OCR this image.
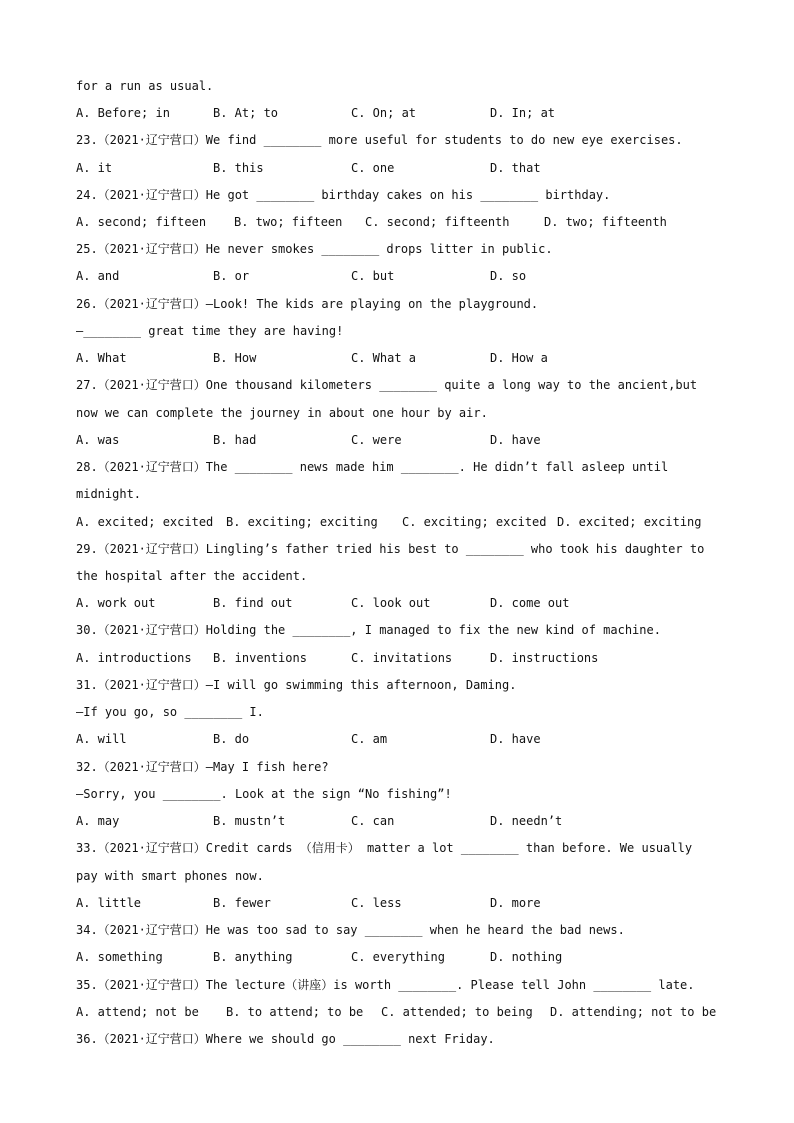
for a run as usual.
A. Before; in	B. At; to	C. On; at	D. In; at
23.（2021·辽宁营口）We find ________ more useful for students to do new eye exercises.
A. it	B. this	C. one	D. that
24.（2021·辽宁营口）He got ________ birthday cakes on his ________ birthday.
A. second; fifteen B. two; fifteen C. second; fifteenth	D. two; fifteenth
25.（2021·辽宁营口）He never smokes ________ drops litter in public.
A. and	B. or	C. but	D. so
26.（2021·辽宁营口）—Look! The kids are playing on the playground.
—________ great time they are having!
A. What	B. How	C. What a	D. How a
27.（2021·辽宁营口）One thousand kilometers ________ quite a long way to the ancient,but
now we can complete the journey in about one hour by air.
A. was	B. had	C. were	D. have
28.（2021·辽宁营口）The ________ news made him ________. He didn’t fall asleep until
midnight.
A. excited; excited B. exciting; exciting C. exciting; excited D. excited; exciting
29.（2021·辽宁营口）Lingling’s father tried his best to ________ who took his daughter to
the hospital after the accident.
A. work out	B. find out	C. look out	D. come out
30.（2021·辽宁营口）Holding the ________, I managed to fix the new kind of machine.
A. introductions B. inventions	C. invitations	D. instructions
31.（2021·辽宁营口）—I will go swimming this afternoon, Daming.
—If you go, so ________ I.
A. will	B. do	C. am	D. have
32.（2021·辽宁营口）—May I fish here?
—Sorry, you ________. Look at the sign “No fishing”!
A. may	B. mustn’t	C. can	D. needn’t
33.（2021·辽宁营口）Credit cards （信用卡） matter a lot ________ than before. We usually
pay with smart phones now.
A. little	B. fewer	C. less	D. more
34.（2021·辽宁营口）He was too sad to say ________ when he heard the bad news.
A. something	B. anything	C. everything	D. nothing
35.（2021·辽宁营口）The lecture（讲座）is worth ________. Please tell John ________ late.
A. attend; not be B. to attend; to be C. attended; to being D. attending; not to be
36.（2021·辽宁营口）Where we should go ________ next Friday.
